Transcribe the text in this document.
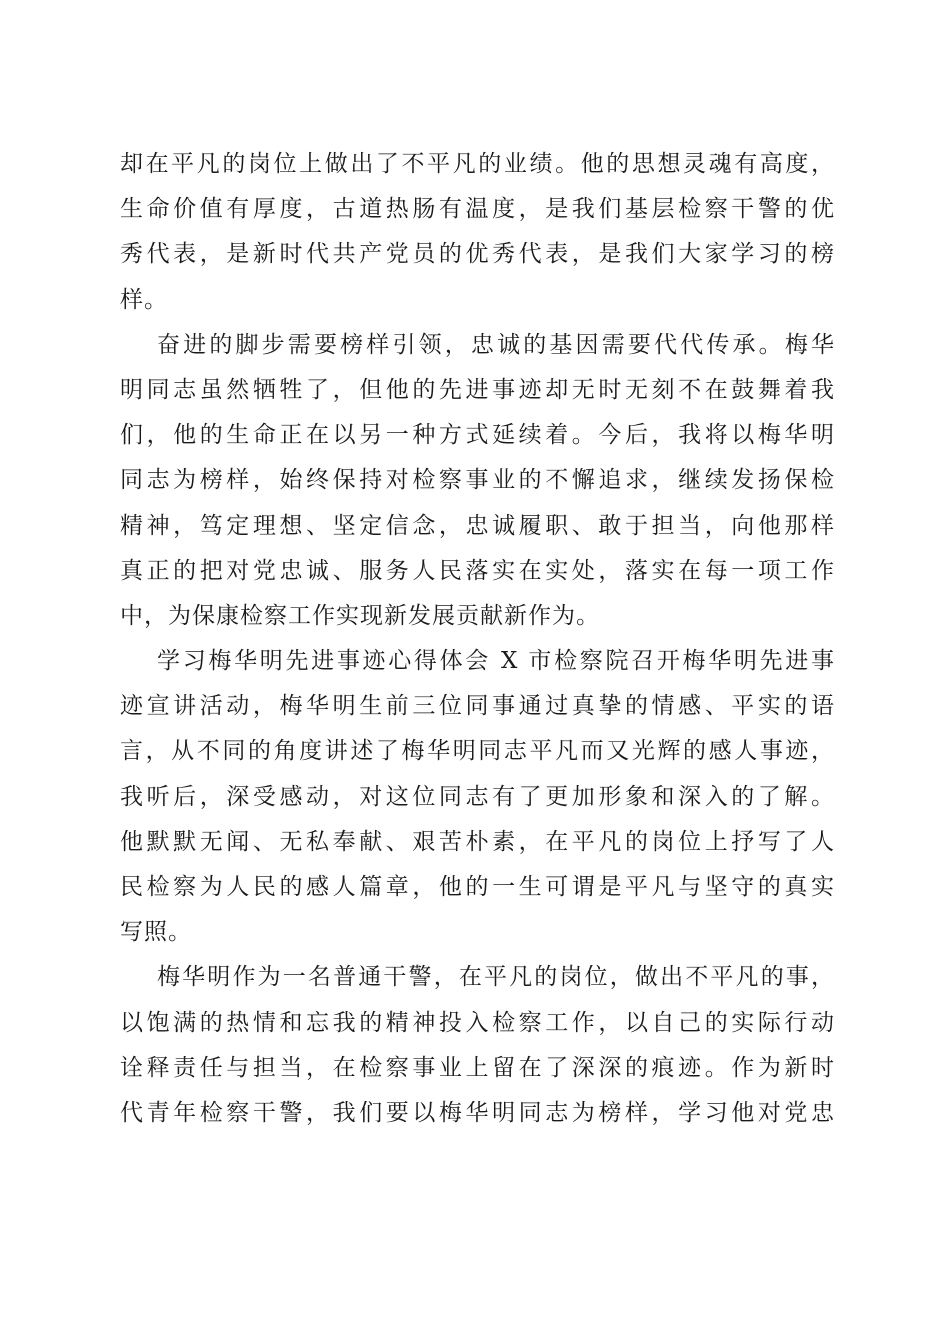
却在平凡的岗位上做出了不平凡的业绩。他的思想灵魂有高度，
生命价值有厚度，古道热肠有温度，是我们基层检察干警的优
秀代表，是新时代共产党员的优秀代表，是我们大家学习的榜
样。
奋进的脚步需要榜样引领，忠诚的基因需要代代传承。梅华
明同志虽然牺牲了，但他的先进事迹却无时无刻不在鼓舞着我
们，他的生命正在以另一种方式延续着。今后，我将以梅华明
同志为榜样，始终保持对检察事业的不懈追求，继续发扬保检
精神，笃定理想、坚定信念，忠诚履职、敢于担当，向他那样
真正的把对党忠诚、服务人民落实在实处，落实在每一项工作
中，为保康检察工作实现新发展贡献新作为。
学习梅华明先进事迹心得体会 X 市检察院召开梅华明先进事
迹宣讲活动，梅华明生前三位同事通过真挚的情感、平实的语
言，从不同的角度讲述了梅华明同志平凡而又光辉的感人事迹，
我听后，深受感动，对这位同志有了更加形象和深入的了解。
他默默无闻、无私奉献、艰苦朴素，在平凡的岗位上抒写了人
民检察为人民的感人篇章，他的一生可谓是平凡与坚守的真实
写照。
梅华明作为一名普通干警，在平凡的岗位，做出不平凡的事，
以饱满的热情和忘我的精神投入检察工作，以自己的实际行动
诠释责任与担当，在检察事业上留在了深深的痕迹。作为新时
代青年检察干警，我们要以梅华明同志为榜样，学习他对党忠
